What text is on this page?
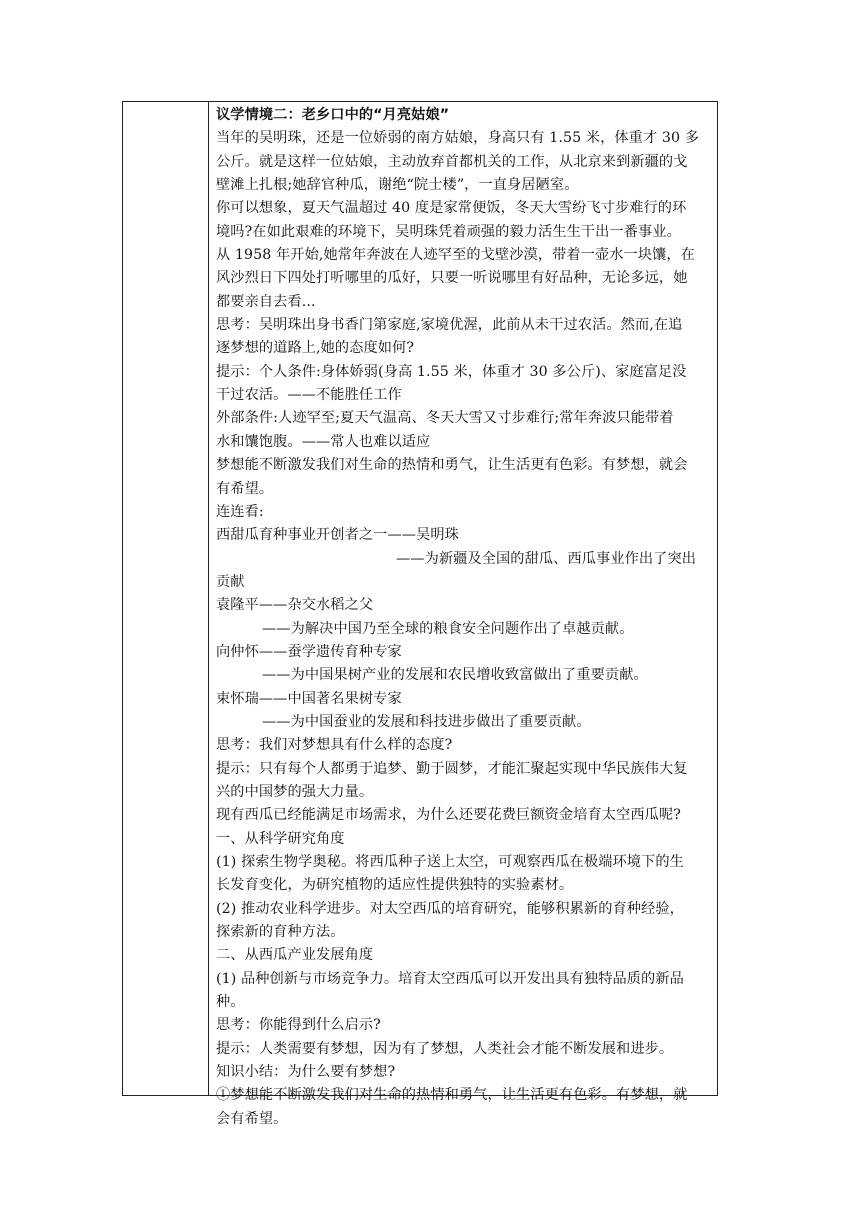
议学情境二：老乡口中的“月亮姑娘”
当年的吴明珠，还是一位娇弱的南方姑娘，身高只有 1.55 米，体重才 30 多
公斤。就是这样一位姑娘，主动放弃首都机关的工作，从北京来到新疆的戈
壁滩上扎根;她辞官种瓜，谢绝“院士楼”，一直身居陋室。
你可以想象，夏天气温超过 40 度是家常便饭，冬天大雪纷飞寸步难行的环
境吗?在如此艰难的环境下，吴明珠凭着顽强的毅力活生生干出一番事业。
从 1958 年开始,她常年奔波在人迹罕至的戈壁沙漠，带着一壶水一块馕，在
风沙烈日下四处打听哪里的瓜好，只要一听说哪里有好品种，无论多远，她
都要亲自去看...
思考：吴明珠出身书香门第家庭,家境优渥，此前从未干过农活。然而,在追
逐梦想的道路上,她的态度如何?
提示：个人条件:身体娇弱(身高 1.55 米，体重才 30 多公斤)、家庭富足没
干过农活。——不能胜任工作
外部条件:人迹罕至;夏天气温高、冬天大雪又寸步难行;常年奔波只能带着
水和馕饱腹。——常人也难以适应
梦想能不断激发我们对生命的热情和勇气，让生活更有色彩。有梦想，就会
有希望。
连连看:
西甜瓜育种事业开创者之一——吴明珠
——为新疆及全国的甜瓜、西瓜事业作出了突出
贡献
袁隆平——杂交水稻之父
——为解决中国乃至全球的粮食安全问题作出了卓越贡献。
向仲怀——蚕学遗传育种专家
——为中国果树产业的发展和农民增收致富做出了重要贡献。
束怀瑞——中国著名果树专家
——为中国蚕业的发展和科技进步做出了重要贡献。
思考：我们对梦想具有什么样的态度?
提示：只有每个人都勇于追梦、勤于圆梦，才能汇聚起实现中华民族伟大复
兴的中国梦的强大力量。
现有西瓜已经能满足市场需求，为什么还要花费巨额资金培育太空西瓜呢?
一、从科学研究角度
(1) 探索生物学奥秘。将西瓜种子送上太空，可观察西瓜在极端环境下的生
长发育变化，为研究植物的适应性提供独特的实验素材。
(2) 推动农业科学进步。对太空西瓜的培育研究，能够积累新的育种经验，
探索新的育种方法。
二、从西瓜产业发展角度
(1) 品种创新与市场竞争力。培育太空西瓜可以开发出具有独特品质的新品
种。
思考：你能得到什么启示?
提示：人类需要有梦想，因为有了梦想，人类社会才能不断发展和进步。
知识小结：为什么要有梦想?
①梦想能不断激发我们对生命的热情和勇气，让生活更有色彩。有梦想，就
会有希望。
